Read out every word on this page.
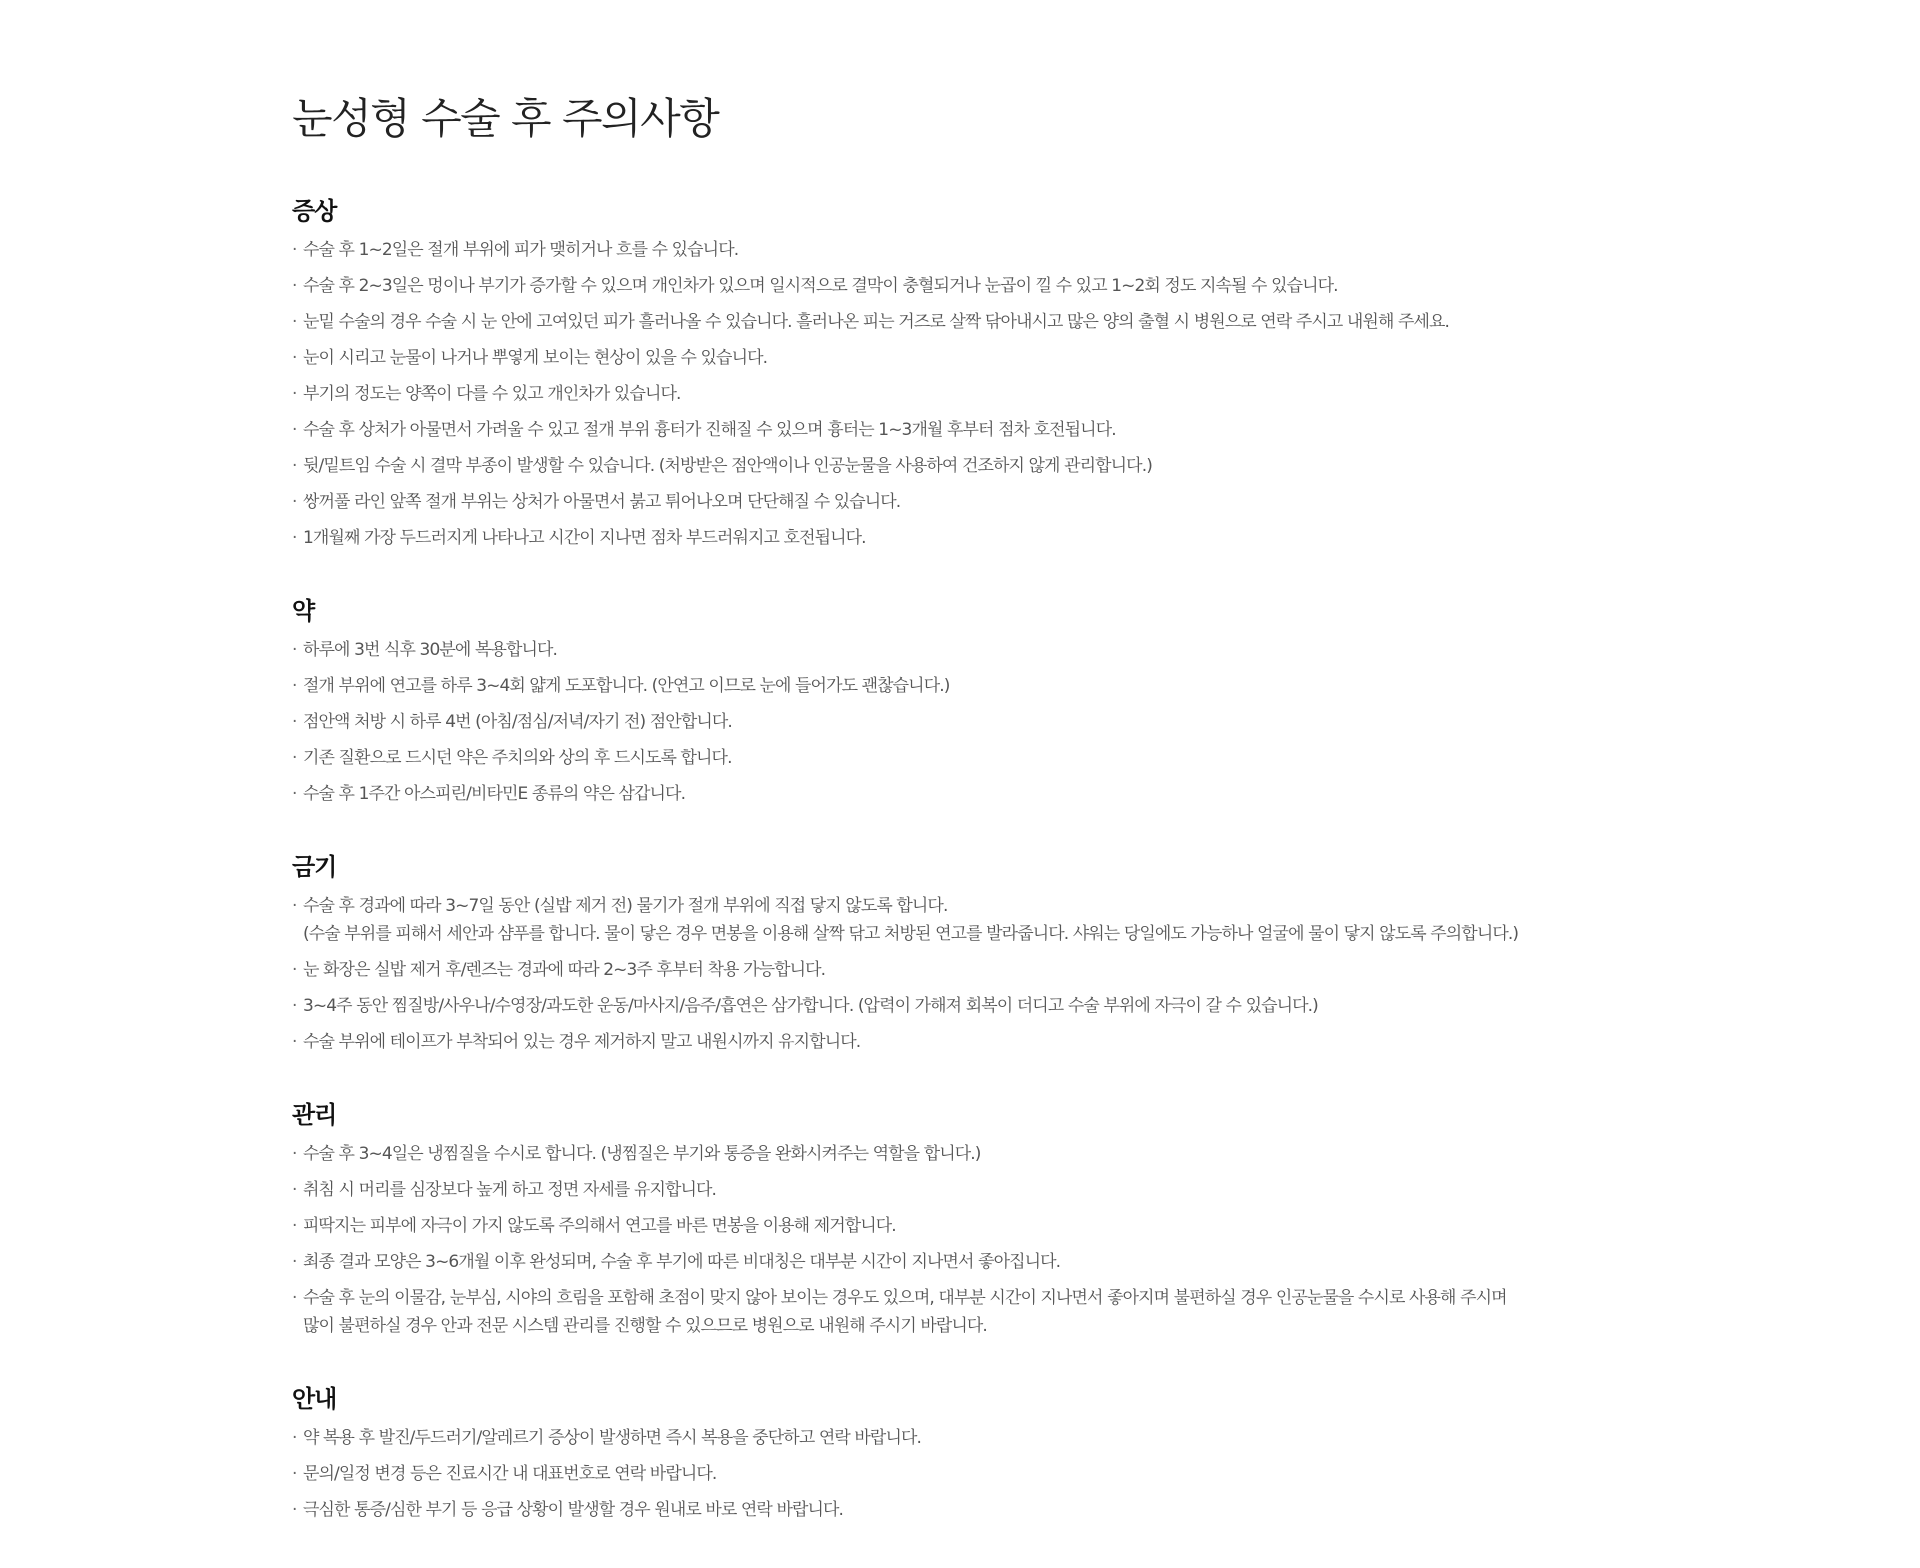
눈성형 수술 후 주의사항
증상
· 수술 후 1~2일은 절개 부위에 피가 맺히거나 흐를 수 있습니다.
· 수술 후 2~3일은 멍이나 부기가 증가할 수 있으며 개인차가 있으며 일시적으로 결막이 충혈되거나 눈곱이 낄 수 있고 1~2회 정도 지속될 수 있습니다.
· 눈밑 수술의 경우 수술 시 눈 안에 고여있던 피가 흘러나올 수 있습니다. 흘러나온 피는 거즈로 살짝 닦아내시고 많은 양의 출혈 시 병원으로 연락 주시고 내원해 주세요.
· 눈이 시리고 눈물이 나거나 뿌옇게 보이는 현상이 있을 수 있습니다.
· 부기의 정도는 양쪽이 다를 수 있고 개인차가 있습니다.
· 수술 후 상처가 아물면서 가려울 수 있고 절개 부위 흉터가 진해질 수 있으며 흉터는 1~3개월 후부터 점차 호전됩니다.
· 뒷/밑트임 수술 시 결막 부종이 발생할 수 있습니다. (처방받은 점안액이나 인공눈물을 사용하여 건조하지 않게 관리합니다.)
· 쌍꺼풀 라인 앞쪽 절개 부위는 상처가 아물면서 붉고 튀어나오며 단단해질 수 있습니다.
· 1개월째 가장 두드러지게 나타나고 시간이 지나면 점차 부드러워지고 호전됩니다.
약
· 하루에 3번 식후 30분에 복용합니다.
· 절개 부위에 연고를 하루 3~4회 얇게 도포합니다. (안연고 이므로 눈에 들어가도 괜찮습니다.)
· 점안액 처방 시 하루 4번 (아침/점심/저녁/자기 전) 점안합니다.
· 기존 질환으로 드시던 약은 주치의와 상의 후 드시도록 합니다.
· 수술 후 1주간 아스피린/비타민E 종류의 약은 삼갑니다.
금기
· 수술 후 경과에 따라 3~7일 동안 (실밥 제거 전) 물기가 절개 부위에 직접 닿지 않도록 합니다.
(수술 부위를 피해서 세안과 샴푸를 합니다. 물이 닿은 경우 면봉을 이용해 살짝 닦고 처방된 연고를 발라줍니다. 샤워는 당일에도 가능하나 얼굴에 물이 닿지 않도록 주의합니다.)
· 눈 화장은 실밥 제거 후/렌즈는 경과에 따라 2~3주 후부터 착용 가능합니다.
· 3~4주 동안 찜질방/사우나/수영장/과도한 운동/마사지/음주/흡연은 삼가합니다. (압력이 가해져 회복이 더디고 수술 부위에 자극이 갈 수 있습니다.)
· 수술 부위에 테이프가 부착되어 있는 경우 제거하지 말고 내원시까지 유지합니다.
관리
· 수술 후 3~4일은 냉찜질을 수시로 합니다. (냉찜질은 부기와 통증을 완화시켜주는 역할을 합니다.)
· 취침 시 머리를 심장보다 높게 하고 정면 자세를 유지합니다.
· 피딱지는 피부에 자극이 가지 않도록 주의해서 연고를 바른 면봉을 이용해 제거합니다.
· 최종 결과 모양은 3~6개월 이후 완성되며, 수술 후 부기에 따른 비대칭은 대부분 시간이 지나면서 좋아집니다.
· 수술 후 눈의 이물감, 눈부심, 시야의 흐림을 포함해 초점이 맞지 않아 보이는 경우도 있으며, 대부분 시간이 지나면서 좋아지며 불편하실 경우 인공눈물을 수시로 사용해 주시며
많이 불편하실 경우 안과 전문 시스템 관리를 진행할 수 있으므로 병원으로 내원해 주시기 바랍니다.
안내
· 약 복용 후 발진/두드러기/알레르기 증상이 발생하면 즉시 복용을 중단하고 연락 바랍니다.
· 문의/일정 변경 등은 진료시간 내 대표번호로 연락 바랍니다.
· 극심한 통증/심한 부기 등 응급 상황이 발생할 경우 원내로 바로 연락 바랍니다.
